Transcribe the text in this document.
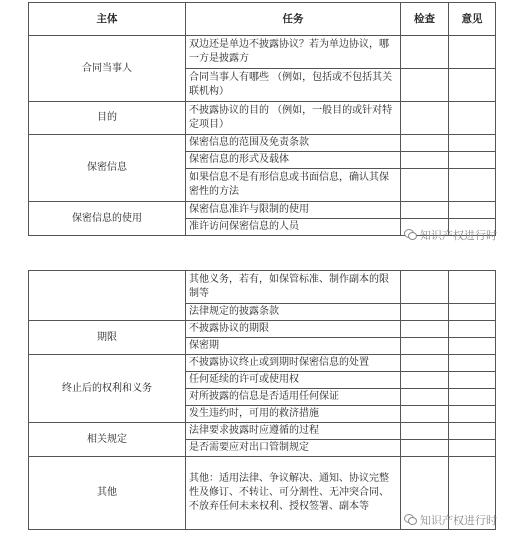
主体	任务	检查	意见
合同当事人	双边还是单边不披露协议？若为单边协议，哪一方是披露方		
	合同当事人有哪些 （例如，包括或不包括其关联机构）		
目的	不披露协议的目的 （例如，一般目的或针对特定项目）		
保密信息	保密信息的范围及免责条款		
	保密信息的形式及载体		
	如果信息不是有形信息或书面信息，确认其保密性的方法		
保密信息的使用	保密信息准许与限制的使用		
	准许访问保密信息的人员		
	其他义务，若有，如保管标准、制作副本的限制等		
	法律规定的披露条款		
期限	不披露协议的期限		
	保密期		
终止后的权利和义务	不披露协议终止或到期时保密信息的处置		
	任何延续的许可或使用权		
	对所披露的信息是否适用任何保证		
	发生违约时，可用的救济措施		
相关规定	法律要求披露时应遵循的过程		
	是否需要应对出口管制规定		
其他	其他：适用法律、争议解决、通知、协议完整性及修订、不转让、可分割性、无冲突合同、不放弃任何未来权利、授权签署、副本等		
知识产权进行时
知识产权进行时
